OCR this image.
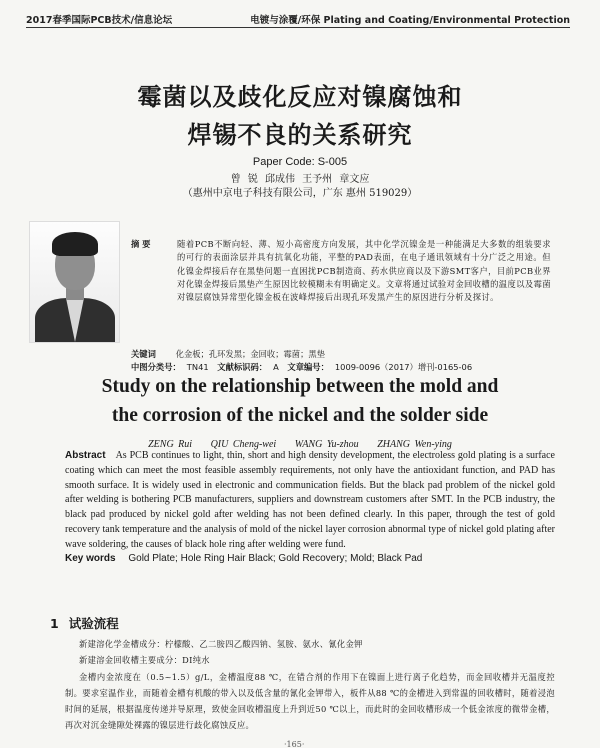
2017春季国际PCB技术/信息论坛	电镀与涂覆/环保 Plating and Coating/Environmental Protection
霉菌以及歧化反应对镍腐蚀和
焊锡不良的关系研究
Paper Code: S-005
曾 锐 邱成伟 王予州 章文应
（惠州中京电子科技有限公司，广东 惠州 519029）
摘 要	随着PCB不断向轻、薄、短小高密度方向发展，其中化学沉镍金是一种能满足大多数的组装要求的可行的表面涂层并具有抗氧化功能，平整的PAD表面，在电子通讯领域有十分广泛之用途。但化镍金焊接后存在黑垫问题一直困扰PCB制造商、药水供应商以及下游SMT客户，目前PCB业界对化镍金焊接后黑垫产生原因比较模糊未有明确定义。文章将通过试验对金回收槽的温度以及霉菌对镍层腐蚀异常型化镍金板在波峰焊接后出现孔环发黑产生的原因进行分析及探讨。
关键词 化金板；孔环发黑；金回收；霉菌；黑垫
中图分类号： TN41 文献标识码： A 文章编号： 1009-0096（2017）增刊-0165-06
Study on the relationship between the mold and
the corrosion of the nickel and the solder side
ZENG Rui QIU Cheng-wei WANG Yu-zhou ZHANG Wen-ying
Abstract As PCB continues to light, thin, short and high density development, the electroless gold plating is a surface coating which can meet the most feasible assembly requirements, not only have the antioxidant function, and PAD has smooth surface. It is widely used in electronic and communication fields. But the black pad problem of the nickel gold after welding is bothering PCB manufacturers, suppliers and downstream customers after SMT. In the PCB industry, the black pad produced by nickel gold after welding has not been defined clearly. In this paper, through the test of gold recovery tank temperature and the analysis of mold of the nickel layer corrosion abnormal type of nickel gold plating after wave soldering, the causes of black hole ring after welding were fund.
Key words Gold Plate; Hole Ring Hair Black; Gold Recovery; Mold; Black Pad
1 试验流程

新建溶化学金槽成分：柠檬酸、乙二胺四乙酸四钠、氢胺、氨水、氰化金钾

新建溶金回收槽主要成分：DI纯水

金槽内金浓度在（0.5~1.5）g/L，金槽温度88 ℃，在错合剂的作用下在镍面上进行离子化趋势，而金回收槽并无温度控制。要求室温作业，而随着金槽有机酸的带入以及低含量的氰化金钾带入，板件从88 ℃的金槽进入到常温的回收槽时，随着浸泡时间的延展，根据温度传递并导原理，致使金回收槽温度上升到近50 ℃以上，而此时的金回收槽形成一个低金浓度的微带金槽，再次对沉金缝隙处裸露的镍层进行歧化腐蚀反应。

·165·
